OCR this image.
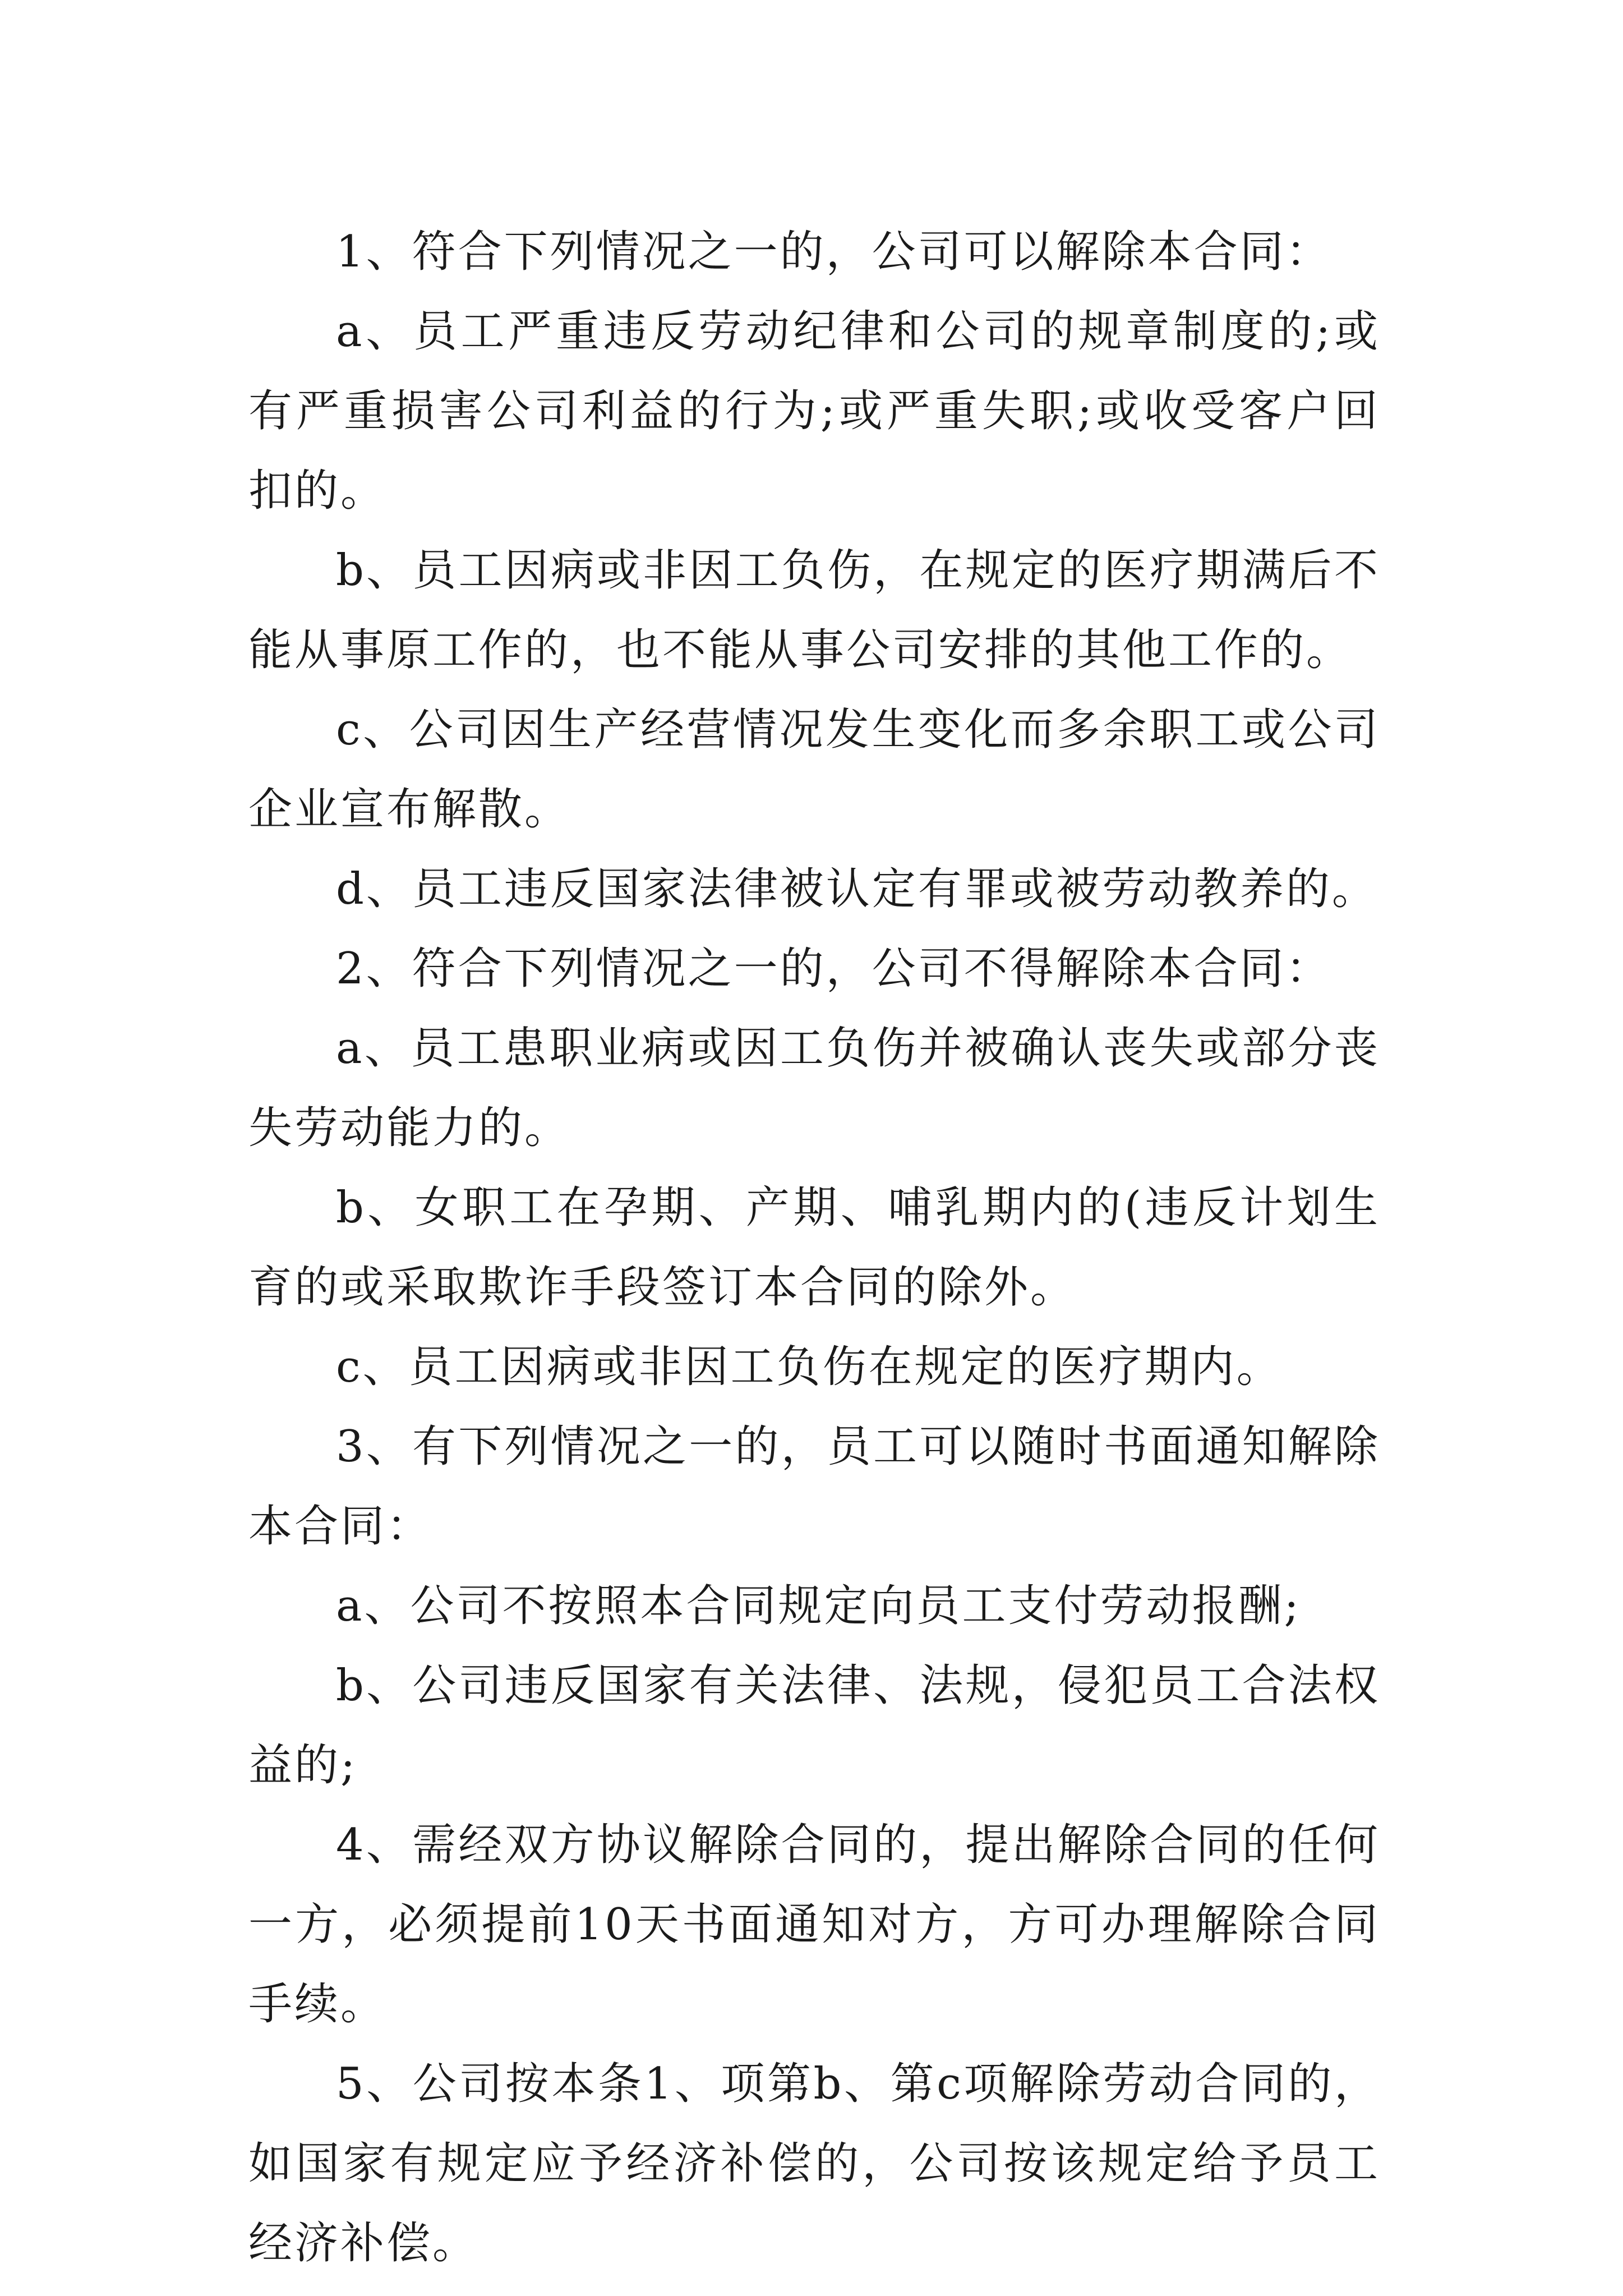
1、符合下列情况之一的，公司可以解除本合同：

a、员工严重违反劳动纪律和公司的规章制度的;或有严重损害公司利益的行为;或严重失职;或收受客户回扣的。

b、员工因病或非因工负伤，在规定的医疗期满后不能从事原工作的，也不能从事公司安排的其他工作的。

c、公司因生产经营情况发生变化而多余职工或公司企业宣布解散。

d、员工违反国家法律被认定有罪或被劳动教养的。

2、符合下列情况之一的，公司不得解除本合同：

a、员工患职业病或因工负伤并被确认丧失或部分丧失劳动能力的。

b、女职工在孕期、产期、哺乳期内的(违反计划生育的或采取欺诈手段签订本合同的除外。

c、员工因病或非因工负伤在规定的医疗期内。

3、有下列情况之一的，员工可以随时书面通知解除本合同：

a、公司不按照本合同规定向员工支付劳动报酬;

b、公司违反国家有关法律、法规，侵犯员工合法权益的;

4、需经双方协议解除合同的，提出解除合同的任何一方，必须提前10天书面通知对方，方可办理解除合同手续。

5、公司按本条1、项第b、第c项解除劳动合同的，如国家有规定应予经济补偿的，公司按该规定给予员工经济补偿。
